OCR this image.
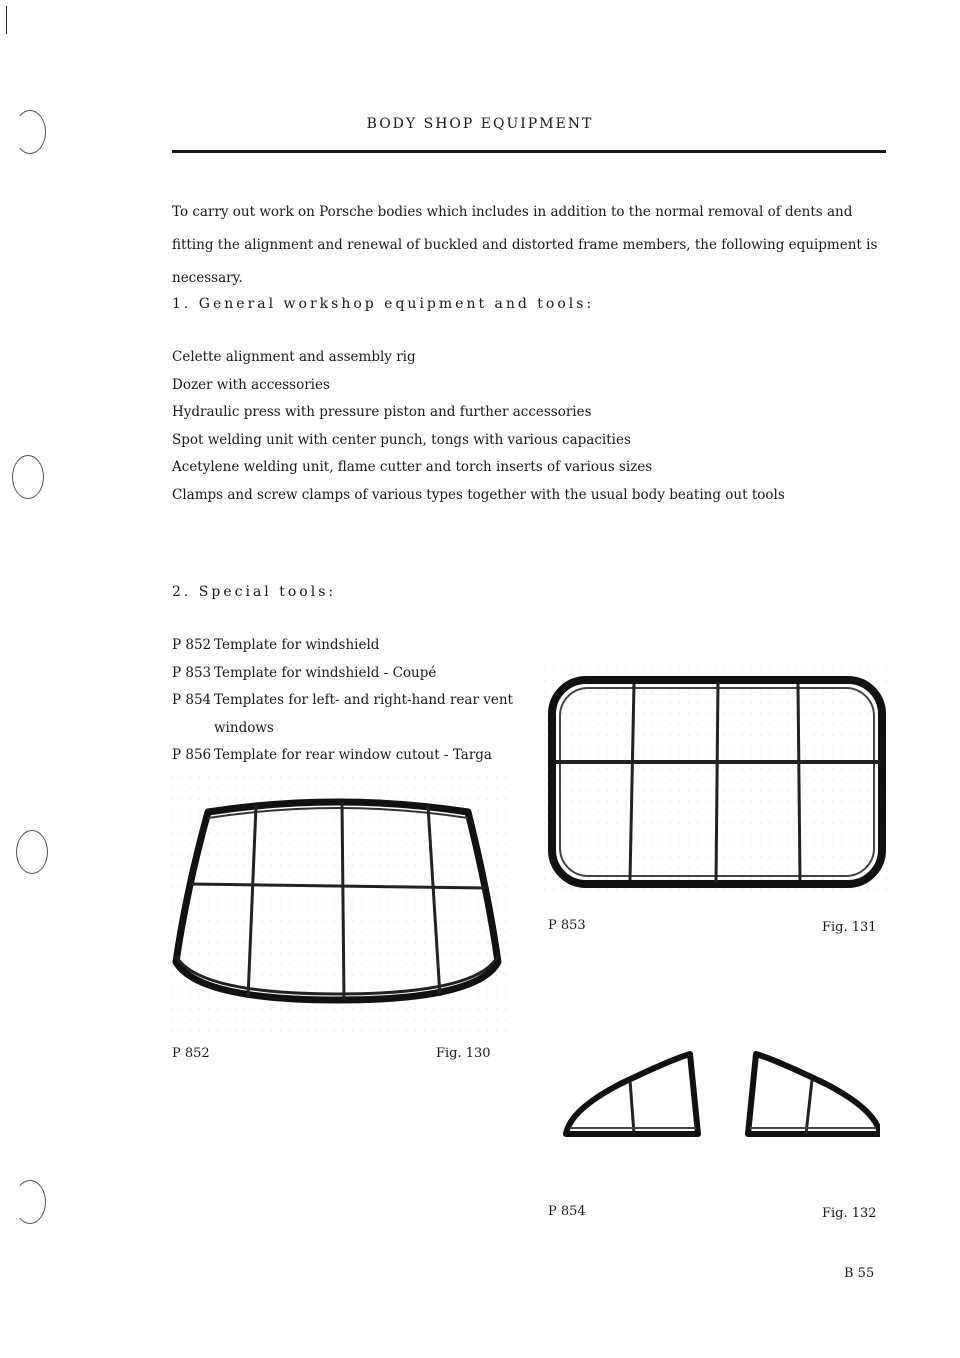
BODY SHOP EQUIPMENT
To carry out work on Porsche bodies which includes in addition to the normal removal of dents and fitting the alignment and renewal of buckled and distorted frame members, the following equipment is necessary.
1. General workshop equipment and tools:
Celette alignment and assembly rig
Dozer with accessories
Hydraulic press with pressure piston and further accessories
Spot welding unit with center punch, tongs with various capacities
Acetylene welding unit, flame cutter and torch inserts of various sizes
Clamps and screw clamps of various types together with the usual body beating out tools
2. Special tools:
P 852 Template for windshield
P 853 Template for windshield - Coupé
P 854 Templates for left- and right-hand rear vent windows
P 856 Template for rear window cutout - Targa
P 852	Fig. 130
P 853	Fig. 131
P 854	Fig. 132
B 55
